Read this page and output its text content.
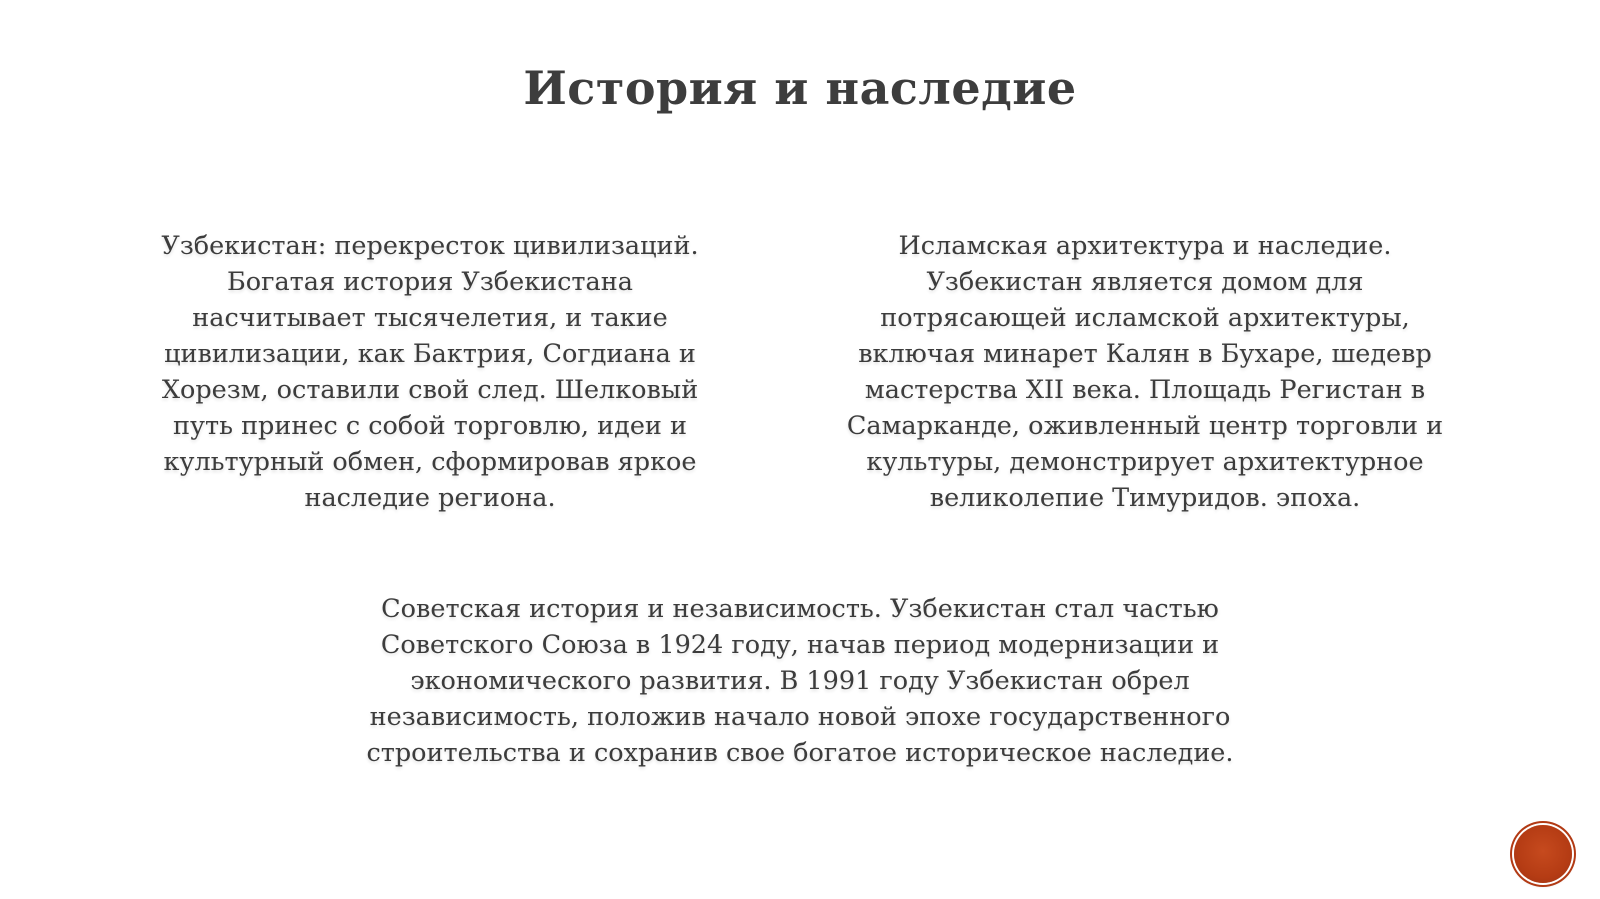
История и наследие
Узбекистан: перекресток цивилизаций.
Богатая история Узбекистана
насчитывает тысячелетия, и такие
цивилизации, как Бактрия, Согдиана и
Хорезм, оставили свой след. Шелковый
путь принес с собой торговлю, идеи и
культурный обмен, сформировав яркое
наследие региона.
Исламская архитектура и наследие.
Узбекистан является домом для
потрясающей исламской архитектуры,
включая минарет Калян в Бухаре, шедевр
мастерства XII века. Площадь Регистан в
Самарканде, оживленный центр торговли и
культуры, демонстрирует архитектурное
великолепие Тимуридов. эпоха.
Советская история и независимость. Узбекистан стал частью
Советского Союза в 1924 году, начав период модернизации и
экономического развития. В 1991 году Узбекистан обрел
независимость, положив начало новой эпохе государственного
строительства и сохранив свое богатое историческое наследие.
